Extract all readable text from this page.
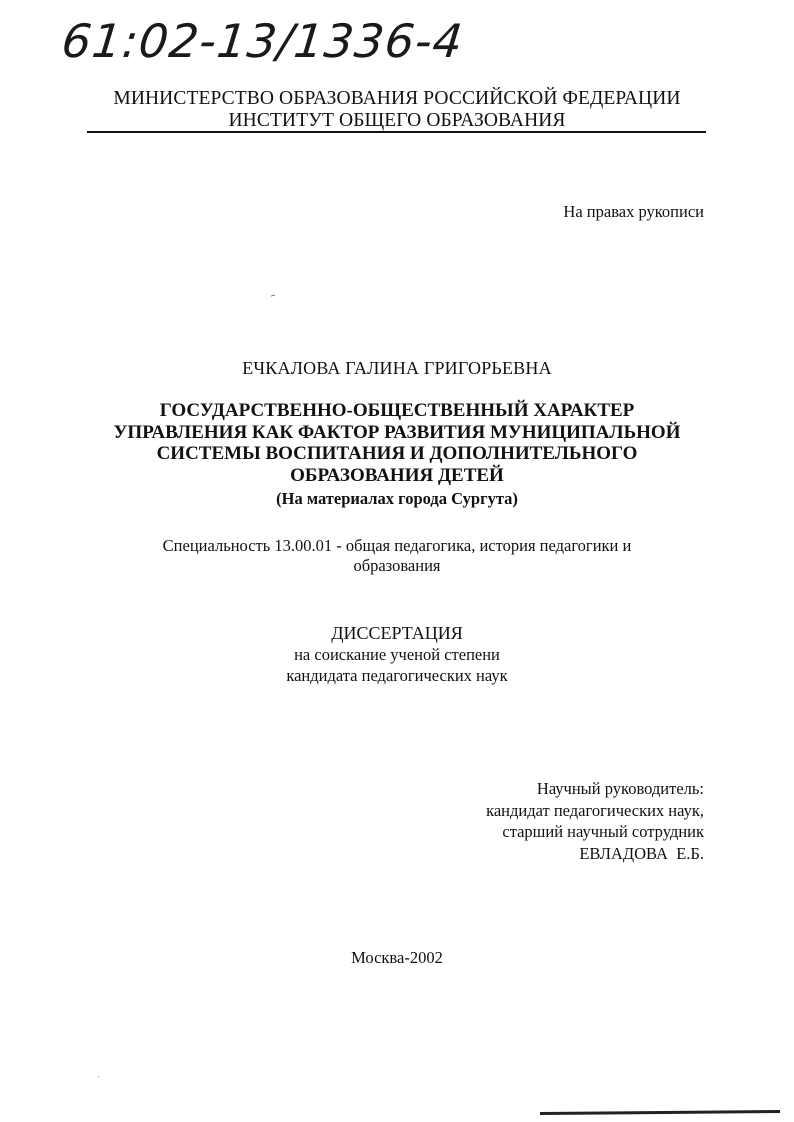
61:02-13/1336-4
МИНИСТЕРСТВО ОБРАЗОВАНИЯ РОССИЙСКОЙ ФЕДЕРАЦИИ
ИНСТИТУТ ОБЩЕГО ОБРАЗОВАНИЯ
На правах рукописи
ЕЧКАЛОВА ГАЛИНА ГРИГОРЬЕВНА
ГОСУДАРСТВЕННО-ОБЩЕСТВЕННЫЙ ХАРАКТЕР
УПРАВЛЕНИЯ КАК ФАКТОР РАЗВИТИЯ МУНИЦИПАЛЬНОЙ
СИСТЕМЫ ВОСПИТАНИЯ И ДОПОЛНИТЕЛЬНОГО
ОБРАЗОВАНИЯ ДЕТЕЙ
(На материалах города Сургута)
Специальность 13.00.01 - общая педагогика, история педагогики и
образования
ДИССЕРТАЦИЯ
на соискание ученой степени
кандидата педагогических наук
Научный руководитель:
кандидат педагогических наук,
старший научный сотрудник
ЕВЛАДОВА  Е.Б.
Москва-2002
